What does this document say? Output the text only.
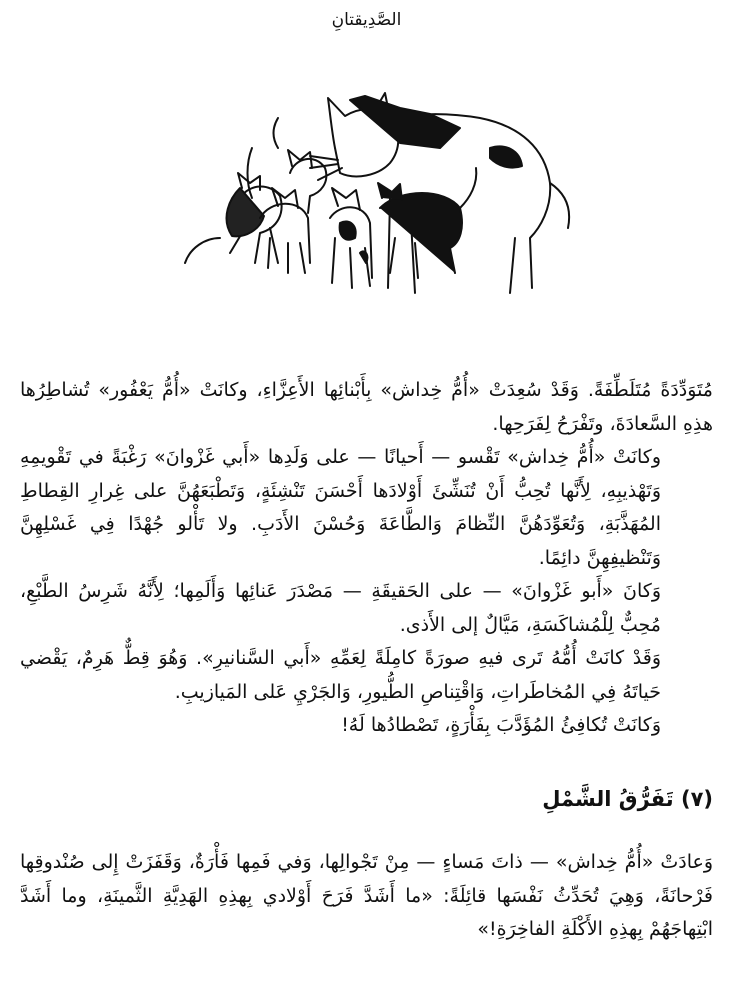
الصَّدِيقتانِ

مُتَوَدِّدَةً مُتَلَطِّفَةً. وَقَدْ سُعِدَتْ «أُمُّ خِداش» بِأَبْنائِها الأَعِزَّاءِ، وكانَتْ «أُمُّ يَعْفُور» تُشاطِرُها هذِهِ السَّعادَةَ، وتَفْرَحُ لِفَرَحِها.

وكانَتْ «أُمُّ خِداش» تَقْسو — أَحيانًا — على وَلَدِها «أَبي غَزْوانَ» رَغْبَةً في تَقْويمِهِ وَتَهْذيبِهِ، لِأَنَّها تُحِبُّ أَنْ تُنَشِّئَ أَوْلادَها أَحْسَنَ تَنْشِئَةٍ، وَتَطْبَعَهُنَّ على غِرارِ القِطاطِ المُهَذَّبَةِ، وَتُعَوِّدَهُنَّ النِّظامَ وَالطَّاعَةَ وَحُسْنَ الأَدَبِ. ولا تَأْلو جُهْدًا فِي غَسْلِهِنَّ وَتَنْظيفِهِنَّ دائِمًا.

وَكانَ «أَبو غَزْوانَ» — على الحَقيقَةِ — مَصْدَرَ عَنائِها وَأَلَمِها؛ لِأَنَّهُ شَرِسُ الطَّبْعِ، مُحِبٌّ لِلْمُشاكَسَةِ، مَيَّالٌ إلى الأَذى.

وَقَدْ كانَتْ أُمُّهُ تَرى فيهِ صورَةً كامِلَةً لِعَمِّهِ «أَبي السَّنانيرِ». وَهُوَ قِطٌّ هَرِمٌ، يَقْضي حَياتَهُ فِي المُخاطَراتِ، وَاقْتِناصِ الطُّيورِ، وَالجَرْيِ عَلى المَيازيبِ.

وَكانَتْ تُكافِئُ المُؤَدَّبَ بِفَأْرَةٍ، تَصْطادُها لَهُ!

(٧) تَفَرُّقُ الشَّمْلِ

وَعادَتْ «أُمُّ خِداش» — ذاتَ مَساءٍ — مِنْ تَجْوالِها، وَفي فَمِها فَأْرَةٌ، وَقَفَزَتْ إِلى صُنْدوقِها فَرْحانَةً، وَهِيَ تُحَدِّثُ نَفْسَها قائِلَةً: «ما أَشَدَّ فَرَحَ أَوْلادي بِهذِهِ الهَدِيَّةِ الثَّمينَةِ، وما أَشَدَّ ابْتِهاجَهُمْ بِهذِهِ الأَكْلَةِ الفاخِرَةِ!»
